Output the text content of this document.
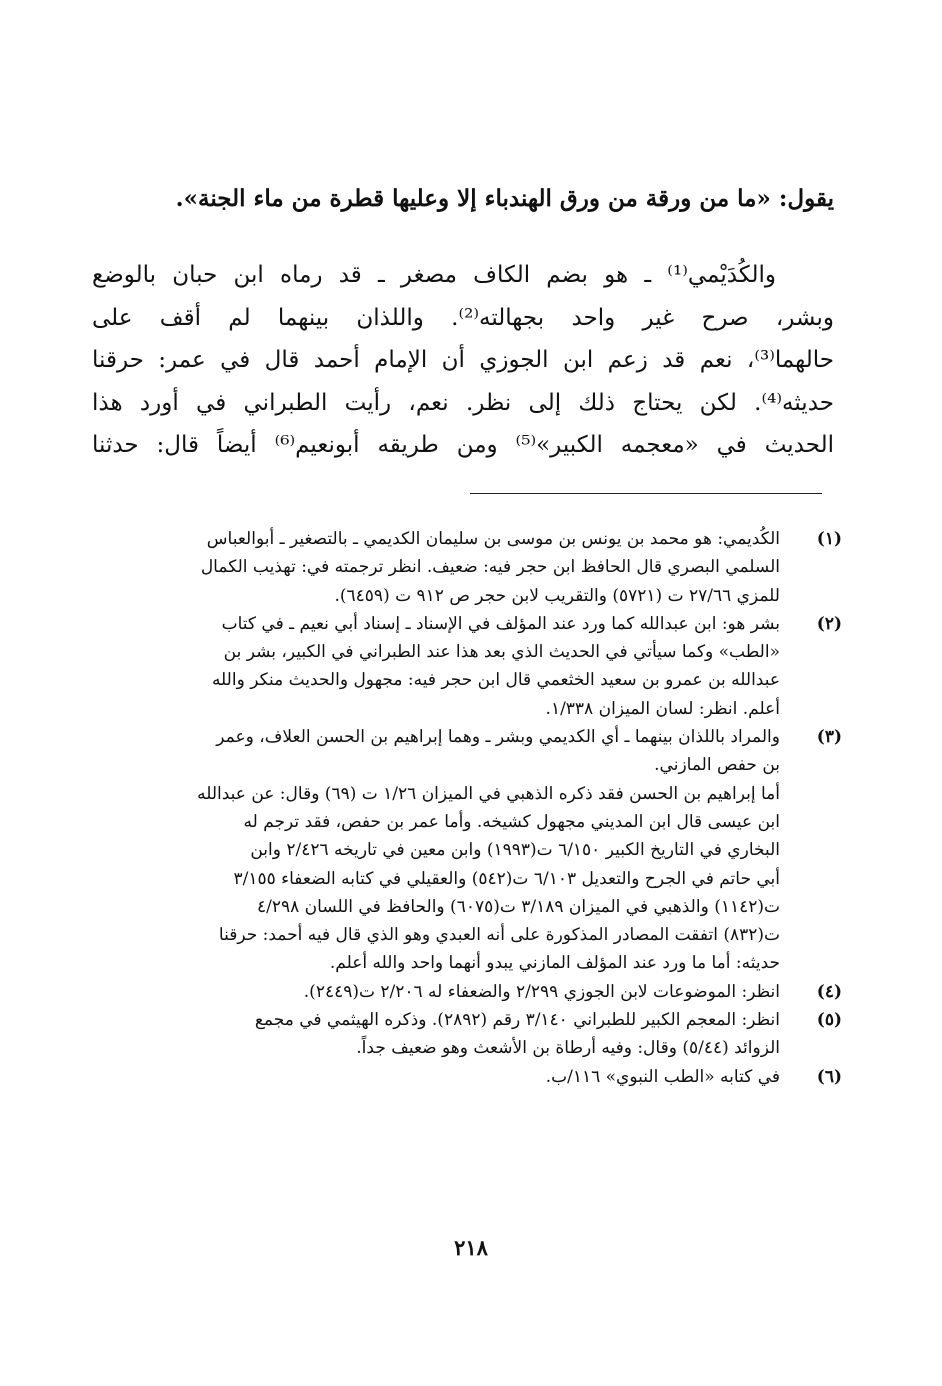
يقول: «ما من ورقة من ورق الهندباء إلا وعليها قطرة من ماء الجنة».
والكُدَيْمي⁽¹⁾ ـ هو بضم الكاف مصغر ـ قد رماه ابن حبان بالوضع
وبشر، صرح غير واحد بجهالته⁽²⁾. واللذان بينهما لم أقف على
حالهما⁽³⁾، نعم قد زعم ابن الجوزي أن الإمام أحمد قال في عمر: حرقنا
حديثه⁽⁴⁾. لكن يحتاج ذلك إلى نظر. نعم، رأيت الطبراني في أورد هذا
الحديث في «معجمه الكبير»⁽⁵⁾ ومن طريقه أبونعيم⁽⁶⁾ أيضاً قال: حدثنا
(١)
الكُديمي: هو محمد بن يونس بن موسى بن سليمان الكديمي ـ بالتصغير ـ أبوالعباس
السلمي البصري قال الحافظ ابن حجر فيه: ضعيف. انظر ترجمته في: تهذيب الكمال
للمزي ٢٧/٦٦ ت (٥٧٢١) والتقريب لابن حجر ص ٩١٢ ت (٦٤٥٩).
(٢)
بشر هو: ابن عبدالله كما ورد عند المؤلف في الإسناد ـ إسناد أبي نعيم ـ في كتاب
«الطب» وكما سيأتي في الحديث الذي بعد هذا عند الطبراني في الكبير، بشر بن
عبدالله بن عمرو بن سعيد الخثعمي قال ابن حجر فيه: مجهول والحديث منكر والله
أعلم. انظر: لسان الميزان ١/٣٣٨.
(٣)
والمراد باللذان بينهما ـ أي الكديمي وبشر ـ وهما إبراهيم بن الحسن العلاف، وعمر
بن حفص المازني.
أما إبراهيم بن الحسن فقد ذكره الذهبي في الميزان ١/٢٦ ت (٦٩) وقال: عن عبدالله
ابن عيسى قال ابن المديني مجهول كشيخه. وأما عمر بن حفص، فقد ترجم له
البخاري في التاريخ الكبير ٦/١٥٠ ت(١٩٩٣) وابن معين في تاريخه ٢/٤٢٦ وابن
أبي حاتم في الجرح والتعديل ٦/١٠٣ ت(٥٤٢) والعقيلي في كتابه الضعفاء ٣/١٥٥
ت(١١٤٢) والذهبي في الميزان ٣/١٨٩ ت(٦٠٧٥) والحافظ في اللسان ٤/٢٩٨
ت(٨٣٢) اتفقت المصادر المذكورة على أنه العبدي وهو الذي قال فيه أحمد: حرقنا
حديثه: أما ما ورد عند المؤلف المازني يبدو أنهما واحد والله أعلم.
(٤)
انظر: الموضوعات لابن الجوزي ٢/٢٩٩ والضعفاء له ٢/٢٠٦ ت(٢٤٤٩).
(٥)
انظر: المعجم الكبير للطبراني ٣/١٤٠ رقم (٢٨٩٢). وذكره الهيثمي في مجمع
الزوائد (٥/٤٤) وقال: وفيه أرطاة بن الأشعث وهو ضعيف جداً.
(٦)
في كتابه «الطب النبوي» ١١٦/ب.
٢١٨
